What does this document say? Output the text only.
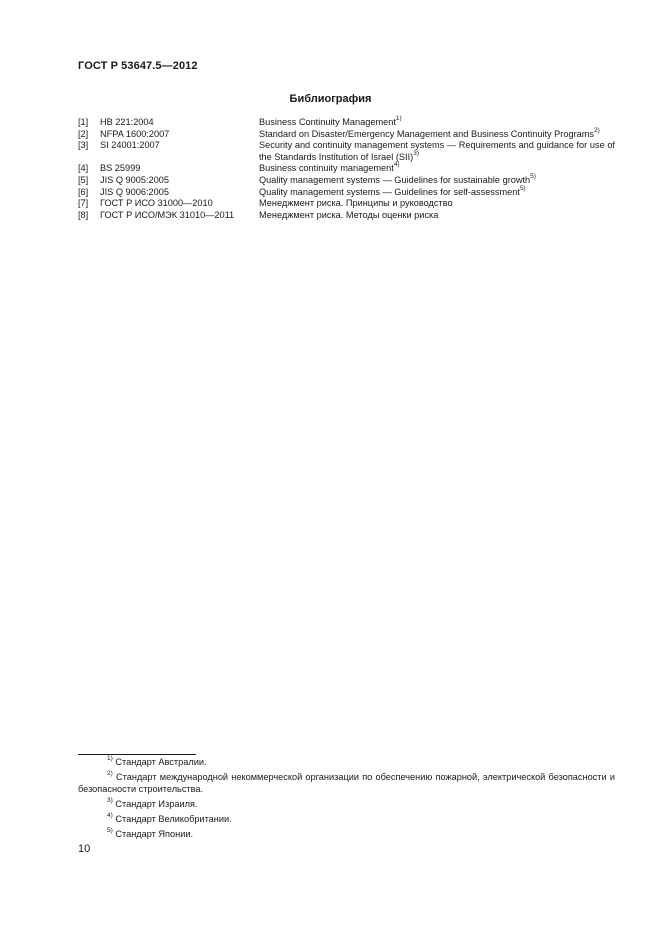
ГОСТ Р 53647.5—2012
Библиография
[1]	HB 221:2004	Business Continuity Management$^{1)}$
[2]	NFPA 1600:2007	Standard on Disaster/Emergency Management and Business Continuity Programs$^{2)}$
[3]	SI 24001:2007	Security and continuity management systems — Requirements and guidance for use of the Standards Institution of Israel (SII)$^{3)}$
[4]	BS 25999	Business continuity management$^{4)}$
[5]	JIS Q 9005:2005	Quality management systems — Guidelines for sustainable growth$^{5)}$
[6]	JIS Q 9006:2005	Quality management systems — Guidelines for self-assessment$^{5)}$
[7]	ГОСТ Р ИСО 31000—2010	Менеджмент риска. Принципы и руководство
[8]	ГОСТ Р ИСО/МЭК 31010—2011	Менеджмент риска. Методы оценки риска
$^{1)}$ Стандарт Австралии.
$^{2)}$ Стандарт международной некоммерческой организации по обеспечению пожарной, электрической безопасности и безопасности строительства.
$^{3)}$ Стандарт Израиля.
$^{4)}$ Стандарт Великобритании.
$^{5)}$ Стандарт Японии.
10
